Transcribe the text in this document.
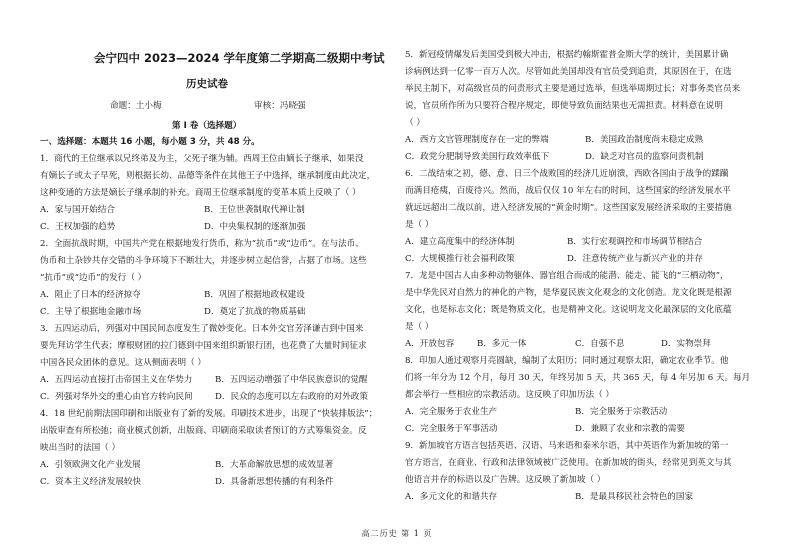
会宁四中 2023—2024 学年度第二学期高二级期中考试
历史试卷
命题：土小梅	审核：冯晓强
第 I 卷（选择题）
一、选择题：本题共 16 小题，每小题 3 分，共 48 分。
1．商代的王位继承以兄终弟及为主，父死子继为辅。西周王位由嫡长子继承，如果没
有嫡长子或太子早死，则根据长幼、品德等条件在其他王子中选择，继承制度由此决定，
这种变通的方法是嫡长子继承制的补充。商周王位继承制度的变革本质上反映了（ ）
A．家与国开始结合	B．王位世袭制取代禅让制
C．王权加强的趋势	D．中央集权制的逐渐加强
2．全面抗战时期，中国共产党在根据地发行货币，称为“抗币”或“边币”。在与法币、
伪币和土杂钞共存交错的斗争环境下不断壮大，并逐步树立起信誉，占据了市场。这些
“抗币”或“边币”的发行（ ）
A．阻止了日本的经济掠夺	B．巩固了根据地政权建设
C．主导了根据地金融市场	D．奠定了抗战的物质基础
3．五四运动后，列强对中国民间态度发生了微妙变化。日本外交官芳泽谦吉到中国来
要先拜访学生代表；摩根财团的拉门德到中国来组织新银行团，也花费了大量时间征求
中国各民众团体的意见。这从侧面表明（ ）
A．五四运动直接打击帝国主义在华势力	B．五四运动增强了中华民族意识的觉醒
C．列强对华外交的重心由官方转向民间	D．民众的态度可以左右政府的对外政策
4．18 世纪前期法国印刷和出版业有了新的发展。印刷技术进步，出现了“快装排版法”；
出版审查有所松弛；商业模式创新，出版商、印刷商采取读者预订的方式筹集资金。反
映出当时的法国（ ）
A．引领欧洲文化产业发展	B．大革命解放思想的成效显著
C．资本主义经济发展较快	D．具备新思想传播的有利条件
5．新冠疫情爆发后美国受到极大冲击，根据约翰斯霍普金斯大学的统计，美国累计确
诊病例达到一亿零一百万人次。尽管如此美国却没有官员受到追责，其原因在于，在选
举民主制下，对高级官员的问责形式主要是通过选举，但选举周期过长；对事务类官员来
说，官员所作所为只要符合程序规定，即使导致负面结果也无需担责。材料意在说明
（ ）
A．西方文官管理制度存在一定的弊端	B．美国政治制度尚未稳定成熟
C．政党分肥制导致美国行政效率低下	D．缺乏对官员的监察问责机制
6．二战结束之初，德、意、日三个战败国的经济几近崩溃，西欧各国由于战争的蹂躏
而满目疮痍，百废待兴。然而，战后仅仅 10 年左右的时间，这些国家的经济发展水平
就远远超出二战以前，进入经济发展的“黄金时期”。这些国家发展经济采取的主要措施
是（ ）
A．建立高度集中的经济体制	B．实行宏观调控和市场调节相结合
C．大规模推行社会福利政策	D．注意传统产业与新兴产业的并存
7．龙是中国古人由多种动物躯体、器官组合而成的能潜、能走、能飞的“三栖动物”，
是中华先民对自然力的神化的产物，是华夏民族文化观念的文化创造。龙文化既是根源
文化，也是标志文化；既是物质文化，也是精神文化。这说明龙文化最深层的文化底蕴
是（ ）
A．开放包容	B．多元一体	C．自强不息	D．实物崇拜
8．印加人通过观察月亮圆缺，编制了太阳历；同时通过观察太阳，确定农业季节。他
们将一年分为 12 个月，每月 30 天，年终另加 5 天，共 365 天，每 4 年另加 6 天。每月
都会举行一些相应的宗教活动。这反映了印加历法（ ）
A．完全服务于农业生产	B．完全服务于宗教活动
C．完全服务于军事活动	D．兼顾了农业和宗教的需要
9．新加坡官方语言包括英语、汉语、马来语和泰米尔语，其中英语作为新加坡的第一
官方语言，在商业、行政和法律领域被广泛使用。在新加坡的街头，经常见到英文与其
他语言并存的标语以及广告牌。这反映了新加坡（ ）
A．多元文化的和谐共存	B．是最具移民社会特色的国家
高二历史 第 1 页
